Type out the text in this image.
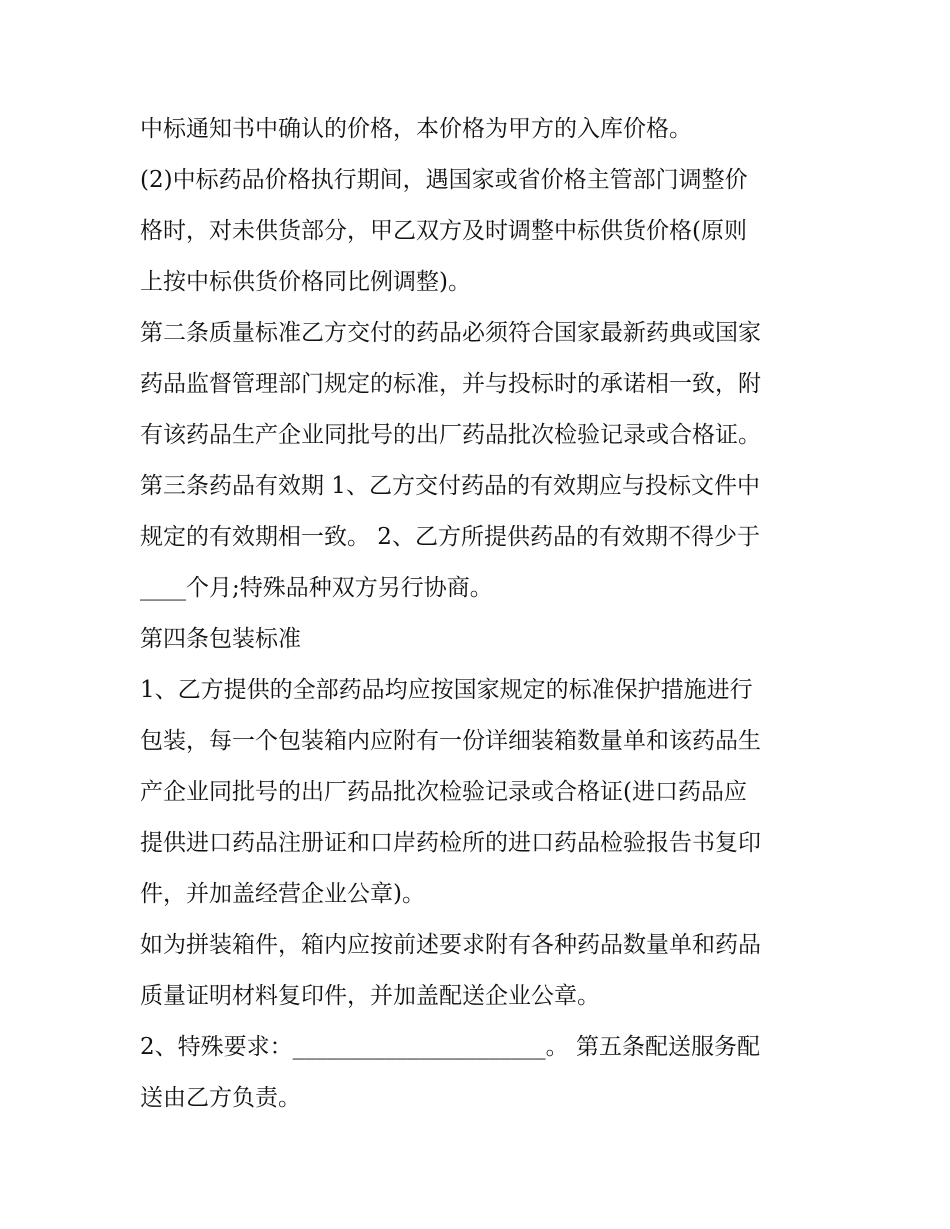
中标通知书中确认的价格，本价格为甲方的入库价格。
(2)中标药品价格执行期间，遇国家或省价格主管部门调整价
格时，对未供货部分，甲乙双方及时调整中标供货价格(原则
上按中标供货价格同比例调整)。
第二条质量标准乙方交付的药品必须符合国家最新药典或国家
药品监督管理部门规定的标准，并与投标时的承诺相一致，附
有该药品生产企业同批号的出厂药品批次检验记录或合格证。
第三条药品有效期 1、乙方交付药品的有效期应与投标文件中
规定的有效期相一致。 2、乙方所提供药品的有效期不得少于
____个月;特殊品种双方另行协商。
第四条包装标准
1、乙方提供的全部药品均应按国家规定的标准保护措施进行
包装，每一个包装箱内应附有一份详细装箱数量单和该药品生
产企业同批号的出厂药品批次检验记录或合格证(进口药品应
提供进口药品注册证和口岸药检所的进口药品检验报告书复印
件，并加盖经营企业公章)。
如为拼装箱件，箱内应按前述要求附有各种药品数量单和药品
质量证明材料复印件，并加盖配送企业公章。
2、特殊要求：______________________。 第五条配送服务配
送由乙方负责。
